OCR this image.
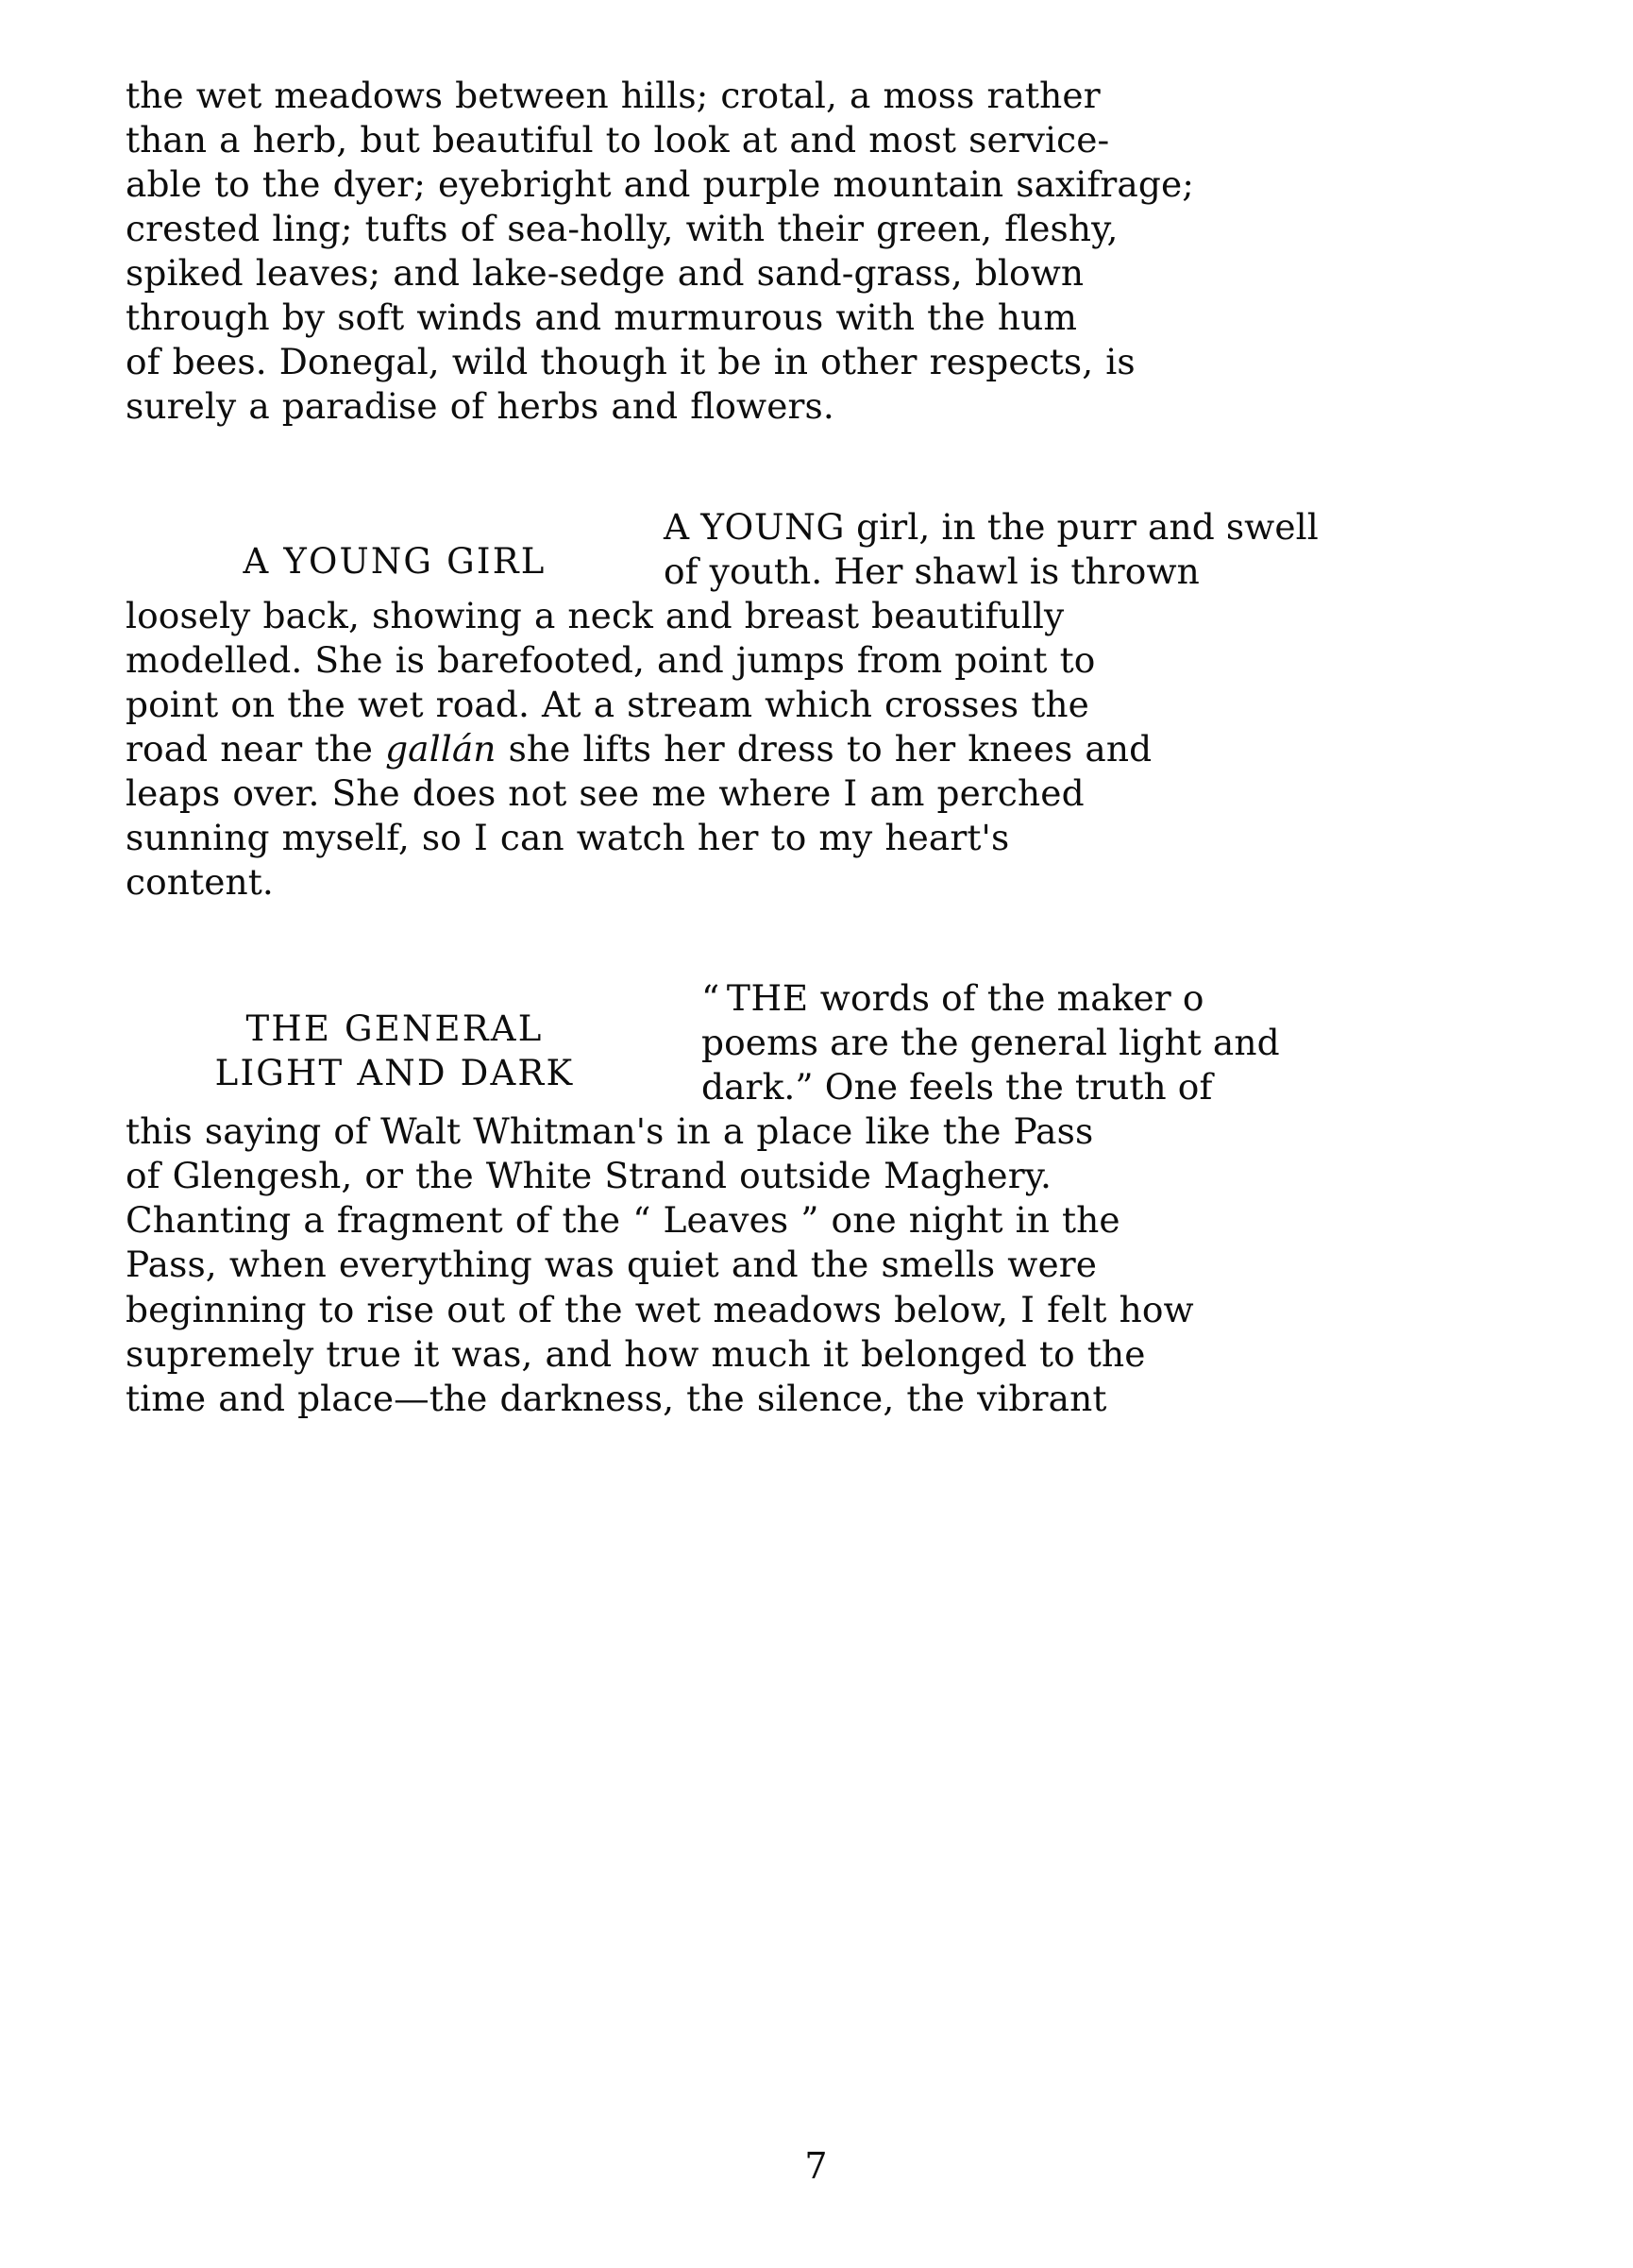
the wet meadows between hills; crotal, a moss rather

than a herb, but beautiful to look at and most service-

able to the dyer; eyebright and purple mountain saxifrage;

crested ling; tufts of sea-holly, with their green, fleshy,

spiked leaves; and lake-sedge and sand-grass, blown

through by soft winds and murmurous with the hum

of bees. Donegal, wild though it be in other respects, is

surely a paradise of herbs and flowers.

A YOUNG GIRL

A YOUNG girl, in the purr and swell

of youth. Her shawl is thrown

loosely back, showing a neck and breast beautifully

modelled. She is barefooted, and jumps from point to

point on the wet road. At a stream which crosses the

road near the gallán she lifts her dress to her knees and

leaps over. She does not see me where I am perched

sunning myself, so I can watch her to my heart's

content.

THE GENERAL
LIGHT AND DARK

“ THE words of the maker o

poems are the general light and

dark.” One feels the truth of

this saying of Walt Whitman's in a place like the Pass

of Glengesh, or the White Strand outside Maghery.

Chanting a fragment of the “ Leaves ” one night in the

Pass, when everything was quiet and the smells were

beginning to rise out of the wet meadows below, I felt how

supremely true it was, and how much it belonged to the

time and place—the darkness, the silence, the vibrant

7
